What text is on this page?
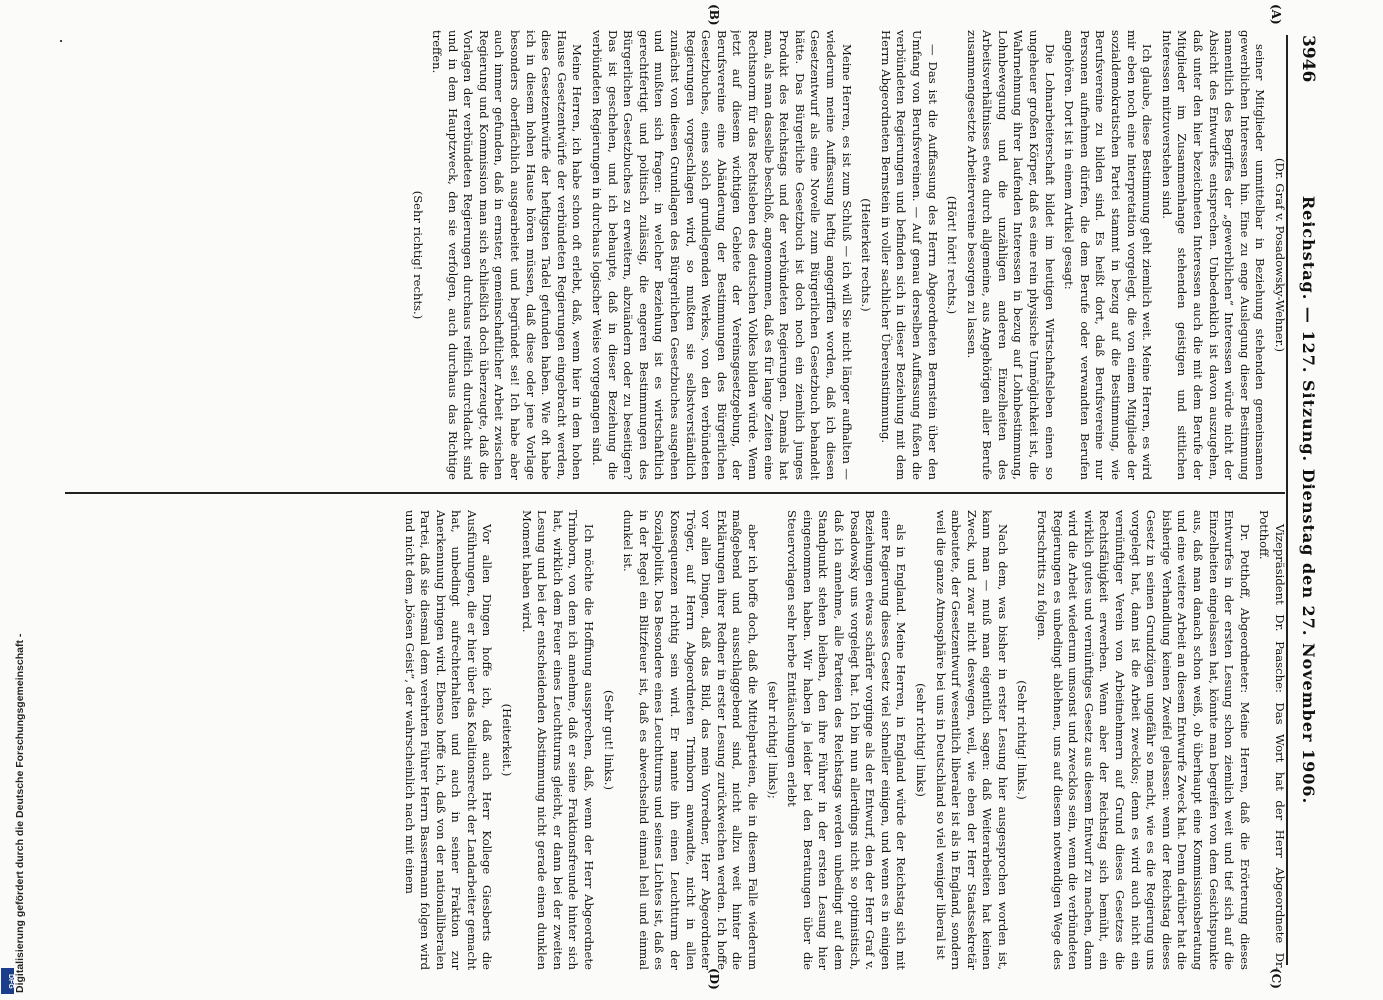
3946
Reichstag. — 127. Sitzung. Dienstag den 27. November 1906.
(A)
(B)
(C)
(D)

(Dr. Graf v. Posadowsky-Wehner.)

seiner Mitglieder unmittelbar in Beziehung stehenden gemeinsamen gewerblichen Interessen hin. Eine zu enge Auslegung dieser Bestimmung namentlich des Begriffes der „gewerblichen“ Interessen würde nicht der Absicht des Entwurfes entsprechen. Unbedenklich ist davon auszugehen, daß unter den hier bezeichneten Interessen auch die mit dem Berufe der Mitglieder im Zusammenhange stehenden geistigen und sittlichen Interessen mitzuverstehen sind.

Ich glaube, diese Bestimmung geht ziemlich weit. Meine Herren, es wird mir eben noch eine Interpretation vorgelegt, die von einem Mitgliede der sozialdemokratischen Partei stammt in bezug auf die Bestimmung, wie Berufsvereine zu bilden sind. Es heißt dort, daß Berufsvereine nur Personen aufnehmen dürfen, die dem Berufe oder verwandten Berufen angehören. Dort ist in einem Artikel gesagt:

Die Lohnarbeiterschaft bildet im heutigen Wirtschaftsleben einen so ungeheuer großen Körper, daß es eine rein physische Unmöglichkeit ist, die Wahrnehmung ihrer laufenden Interessen in bezug auf Lohnbestimmung, Lohnbewegung und die unzähligen anderen Einzelheiten des Arbeitsverhältnisses etwa durch allgemeine, aus Angehörigen aller Berufe zusammengesetzte Arbeitervereine besorgen zu lassen.

(Hört! hört! rechts.)

— Das ist die Auffassung des Herrn Abgeordneten Bernstein über den Umfang von Berufsvereinen. — Auf genau derselben Auffassung fußen die verbündeten Regierungen und befinden sich in dieser Beziehung mit dem Herrn Abgeordneten Bernstein in voller sachlicher Übereinstimmung.

(Heiterkeit rechts.)

Meine Herren, es ist zum Schluß — ich will Sie nicht länger aufhalten — wiederum meine Auffassung heftig angegriffen worden, daß ich diesen Gesetzentwurf als eine Novelle zum Bürgerlichen Gesetzbuch behandelt hätte. Das Bürgerliche Gesetzbuch ist doch noch ein ziemlich junges Produkt des Reichstags und der verbündeten Regierungen. Damals hat man, als man dasselbe beschloß, angenommen, daß es für lange Zeiten eine Rechtsnorm für das Rechtsleben des deutschen Volkes bilden würde. Wenn jetzt auf diesem wichtigen Gebiete der Vereinsgesetzgebung, der Berufsvereine eine Abänderung der Bestimmungen des Bürgerlichen Gesetzbuches, eines solch grundlegenden Werkes, von den verbündeten Regierungen vorgeschlagen wird, so mußten sie selbstverständlich zunächst von diesen Grundlagen des Bürgerlichen Gesetzbuches ausgehen und mußten sich fragen: in welcher Beziehung ist es wirtschaftlich gerechtfertigt und politisch zulässig, die engeren Bestimmungen des Bürgerlichen Gesetzbuches zu erweitern, abzuändern oder zu beseitigen? Das ist geschehen, und ich behaupte, daß in dieser Beziehung die verbündeten Regierungen in durchaus logischer Weise vorgegangen sind.

Meine Herren, ich habe schon oft erlebt, daß, wenn hier in dem hohen Hause Gesetzentwürfe der verbündeten Regierungen eingebracht werden, diese Gesetzentwürfe der heftigsten Tadel gefunden haben. Wie oft habe ich in diesem hohen Hause hören müssen, daß diese oder jene Vorlage besonders oberflächlich ausgearbeitet und begründet sei! Ich habe aber auch immer gefunden, daß in ernster, gemeinschaftlicher Arbeit zwischen Regierung und Kommission man sich schließlich doch überzeugte, daß die Vorlagen der verbündeten Regierungen durchaus reiflich durchdacht sind und in dem Hauptzweck, den sie verfolgen, auch durchaus das Richtige treffen.

(Sehr richtig! rechts.)

Vizepräsident Dr. Paasche: Das Wort hat der Herr Abgeordnete Dr. Potthoff.

Dr. Potthoff, Abgeordneter: Meine Herren, daß die Erörterung dieses Entwurfes in der ersten Lesung schon ziemlich weit und tief sich auf die Einzelheiten eingelassen hat, könnte man begreifen von dem Gesichtspunkte aus, daß man danach schon weiß, ob überhaupt eine Kommissionsberatung und eine weitere Arbeit an diesem Entwurfe Zweck hat. Denn darüber hat die bisherige Verhandlung keinen Zweifel gelassen: wenn der Reichstag dieses Gesetz in seinen Grundzügen ungefähr so macht, wie es die Regierung uns vorgelegt hat, dann ist die Arbeit zwecklos; denn es wird auch nicht ein vernünftiger Verein von Arbeitnehmern auf Grund dieses Gesetzes die Rechtsfähigkeit erwerben. Wenn aber der Reichstag sich bemüht, ein wirklich gutes und vernünftiges Gesetz aus diesem Entwurf zu machen, dann wird die Arbeit wiederum umsonst und zwecklos sein, wenn die verbündeten Regierungen es unbedingt ablehnen, uns auf diesem notwendigen Wege des Fortschritts zu folgen.

(Sehr richtig! links.)

Nach dem, was bisher in erster Lesung hier ausgesprochen worden ist, kann man — muß man eigentlich sagen: daß Weiterarbeiten hat keinen Zweck, und zwar nicht deswegen, weil, wie eben der Herr Staatssekretär anbeutete, der Gesetzentwurf wesentlich liberaler ist als in England, sondern weil die ganze Atmosphäre bei uns in Deutschland so viel weniger liberal ist

(sehr richtig! links)

als in England. Meine Herren, in England würde der Reichstag sich mit einer Regierung dieses Gesetz viel schneller einigen, und wenn es in einigen Beziehungen etwas schärfer vorginge als der Entwurf, den der Herr Graf v. Posadowsky uns vorgelegt hat. Ich bin nun allerdings nicht so optimistisch, daß ich annehme, alle Parteien des Reichstags werden unbedingt auf dem Standpunkt stehen bleiben, den ihre Führer in der ersten Lesung hier eingenommen haben. Wir haben ja leider bei den Beratungen über die Steuervorlagen sehr herbe Enttäuschungen erlebt

(sehr richtig! links);

aber ich hoffe doch, daß die Mittelparteien, die in diesem Falle wiederum maßgebend und ausschlaggebend sind, nicht allzu weit hinter die Erklärungen ihrer Redner in erster Lesung zurückweichen werden. Ich hoffe vor allen Dingen, daß das Bild, das mein Vorredner, Herr Abgeordneter Tröger, auf Herrn Abgeordneten Trimborn anwandte, nicht in allen Konsequenzen richtig sein wird. Er nannte ihn einen Leuchtturm der Sozialpolitik. Das Besondere eines Leuchtturms und seines Lichtes ist, daß es in der Regel ein Blitzfeuer ist, daß es abwechselnd einmal hell und einmal dunkel ist.

(Sehr gut! links.)

Ich möchte die Hoffnung aussprechen, daß, wenn der Herr Abgeordnete Trimborn, von dem ich annehme, daß er seine Fraktionsfreunde hinter sich hat, wirklich dem Feuer eines Leuchtturms gleicht, er dann bei der zweiten Lesung und bei der entscheidenden Abstimmung nicht gerade einen dunklen Moment haben wird.

(Heiterkeit.)

Vor allen Dingen hoffe ich, daß auch Herr Kollege Giesberts die Ausführungen, die er hier über das Koalitionsrecht der Landarbeiter gemacht hat, unbedingt aufrechterhalten und auch in seiner Fraktion zur Anerkennung bringen wird. Ebenso hoffe ich, daß von der nationalliberalen Partei, daß sie diesmal dem verehrten Führer Herrn Bassermann folgen wird und nicht dem „bösen Geist“, der wahrscheinlich nach mit einem

Digitalisierung gefördert durch die Deutsche Forschungsgemeinschaft -
DFG
